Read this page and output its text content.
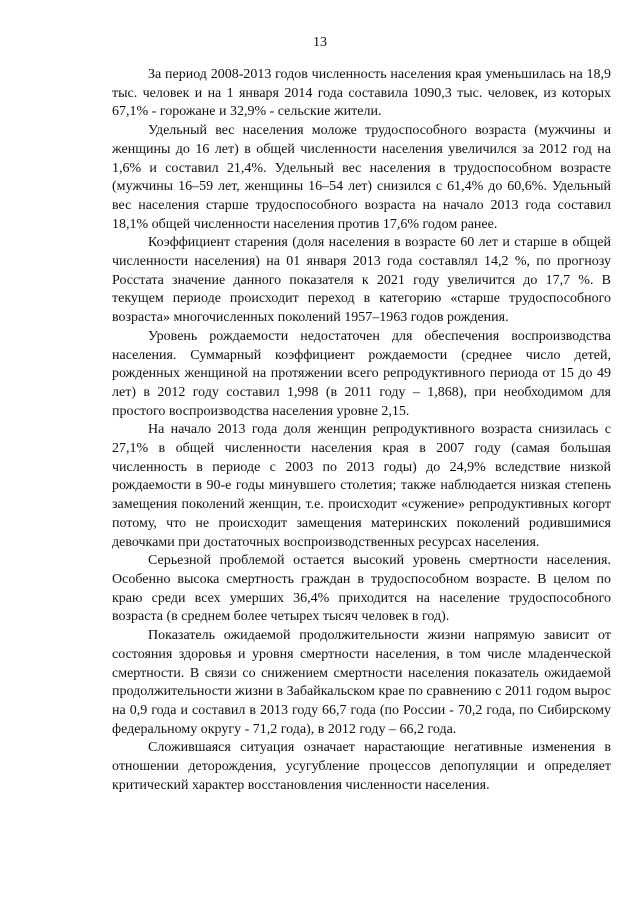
13

За период 2008-2013 годов численность населения края уменьшилась на 18,9 тыс. человек и на 1 января 2014 года составила 1090,3 тыс. человек, из которых 67,1% - горожане и 32,9% - сельские жители.

Удельный вес населения моложе трудоспособного возраста (мужчины и женщины до 16 лет) в общей численности населения увеличился за 2012 год на 1,6% и составил 21,4%. Удельный вес населения в трудоспособном возрасте (мужчины 16–59 лет, женщины 16–54 лет) снизился с 61,4% до 60,6%. Удельный вес населения старше трудоспособного возраста на начало 2013 года составил 18,1% общей численности населения против 17,6% годом ранее.

Коэффициент старения (доля населения в возрасте 60 лет и старше в общей численности населения) на 01 января 2013 года составлял 14,2 %, по прогнозу Росстата значение данного показателя к 2021 году увеличится до 17,7 %. В текущем периоде происходит переход в категорию «старше трудоспособного возраста» многочисленных поколений 1957–1963 годов рождения.

Уровень рождаемости недостаточен для обеспечения воспроизводства населения. Суммарный коэффициент рождаемости (среднее число детей, рожденных женщиной на протяжении всего репродуктивного периода от 15 до 49 лет) в 2012 году составил 1,998 (в 2011 году – 1,868), при необходимом для простого воспроизводства населения уровне 2,15.

На начало 2013 года доля женщин репродуктивного возраста снизилась с 27,1% в общей численности населения края в 2007 году (самая большая численность в периоде с 2003 по 2013 годы) до 24,9% вследствие низкой рождаемости в 90-е годы минувшего столетия; также наблюдается низкая степень замещения поколений женщин, т.е. происходит «сужение» репродуктивных когорт потому, что не происходит замещения материнских поколений родившимися девочками при достаточных воспроизводственных ресурсах населения.

Серьезной проблемой остается высокий уровень смертности населения. Особенно высока смертность граждан в трудоспособном возрасте. В целом по краю среди всех умерших 36,4% приходится на население трудоспособного возраста (в среднем более четырех тысяч человек в год).

Показатель ожидаемой продолжительности жизни напрямую зависит от состояния здоровья и уровня смертности населения, в том числе младенческой смертности. В связи со снижением смертности населения показатель ожидаемой продолжительности жизни в Забайкальском крае по сравнению с 2011 годом вырос на 0,9 года и составил в 2013 году 66,7 года (по России - 70,2 года, по Сибирскому федеральному округу - 71,2 года), в 2012 году – 66,2 года.

Сложившаяся ситуация означает нарастающие негативные изменения в отношении деторождения, усугубление процессов депопуляции и определяет критический характер восстановления численности населения.
